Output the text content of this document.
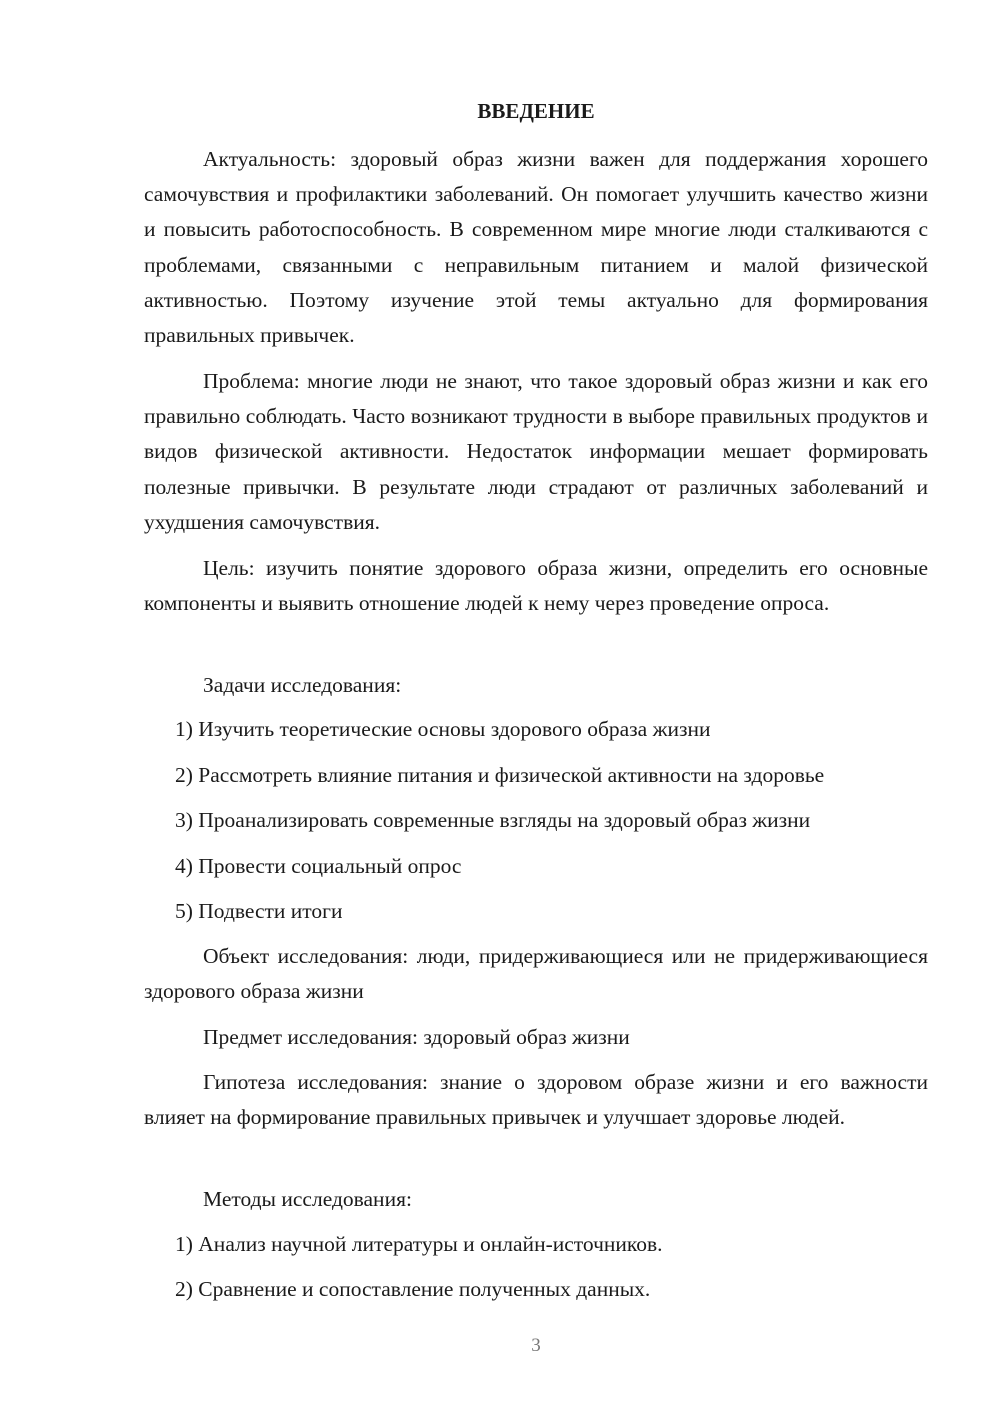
ВВЕДЕНИЕ

Актуальность: здоровый образ жизни важен для поддержания хорошего самочувствия и профилактики заболеваний. Он помогает улучшить качество жизни и повысить работоспособность. В современном мире многие люди сталкиваются с проблемами, связанными с неправильным питанием и малой физической активностью. Поэтому изучение этой темы актуально для формирования правильных привычек.

Проблема: многие люди не знают, что такое здоровый образ жизни и как его правильно соблюдать. Часто возникают трудности в выборе правильных продуктов и видов физической активности. Недостаток информации мешает формировать полезные привычки. В результате люди страдают от различных заболеваний и ухудшения самочувствия.

Цель: изучить понятие здорового образа жизни, определить его основные компоненты и выявить отношение людей к нему через проведение опроса.

Задачи исследования:

1) Изучить теоретические основы здорового образа жизни
2) Рассмотреть влияние питания и физической активности на здоровье
3) Проанализировать современные взгляды на здоровый образ жизни
4) Провести социальный опрос
5) Подвести итоги

Объект исследования: люди, придерживающиеся или не придерживающиеся здорового образа жизни

Предмет исследования: здоровый образ жизни

Гипотеза исследования: знание о здоровом образе жизни и его важности влияет на формирование правильных привычек и улучшает здоровье людей.

Методы исследования:

1) Анализ научной литературы и онлайн-источников.
2) Сравнение и сопоставление полученных данных.
3
